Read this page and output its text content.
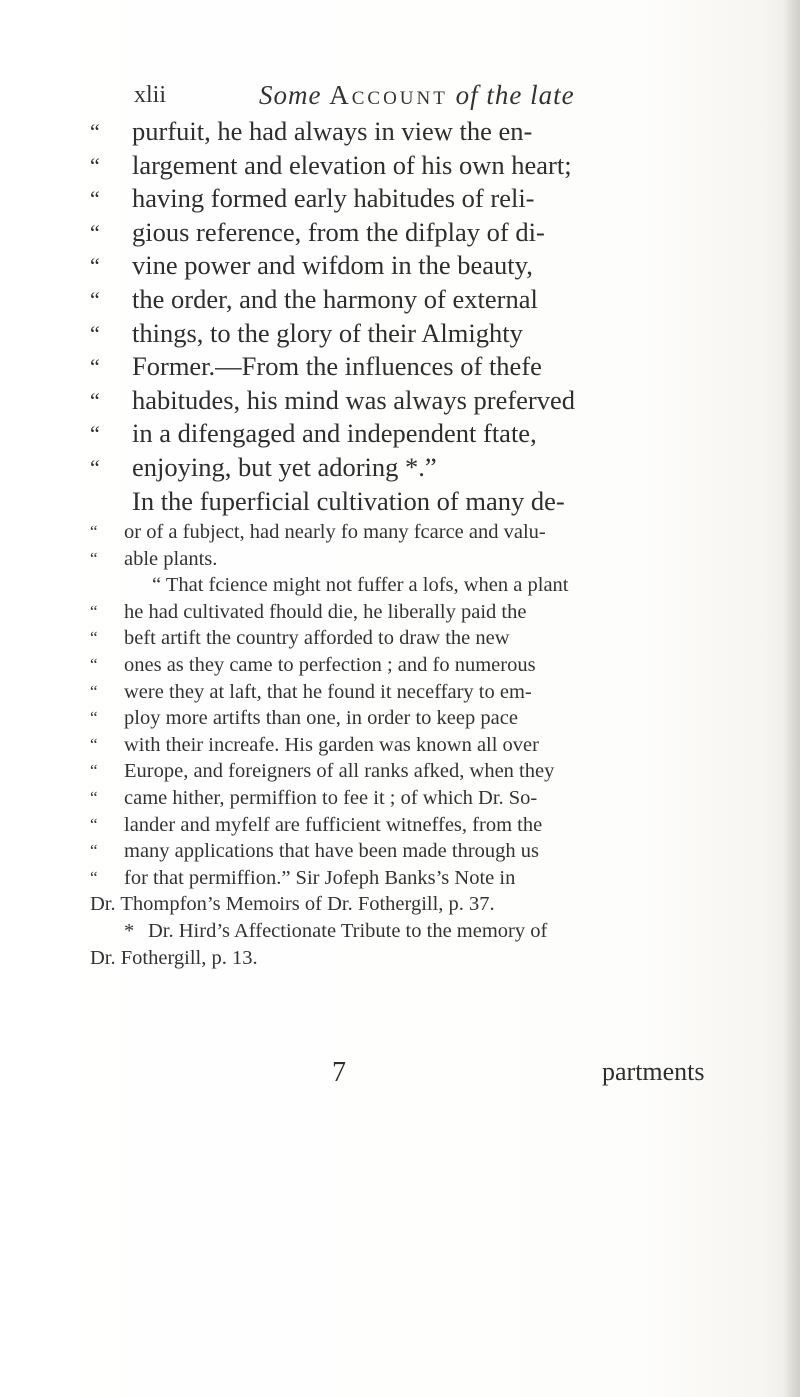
xlii	Some Account of the late
“	purfuit, he had always in view the en-
“	largement and elevation of his own heart;
“	having formed early habitudes of reli-
“	gious reference, from the difplay of di-
“	vine power and wifdom in the beauty,
“	the order, and the harmony of external
“	things, to the glory of their Almighty
“	Former.—From the influences of thefe
“	habitudes, his mind was always preferved
“	in a difengaged and independent ftate,
“	enjoying, but yet adoring *.”
In the fuperficial cultivation of many de-
“	or of a fubject, had nearly fo many fcarce and valu-
“	able plants.
“ That fcience might not fuffer a lofs, when a plant
“	he had cultivated fhould die, he liberally paid the
“	beft artift the country afforded to draw the new
“	ones as they came to perfection ; and fo numerous
“	were they at laft, that he found it neceffary to em-
“	ploy more artifts than one, in order to keep pace
“	with their increafe. His garden was known all over
“	Europe, and foreigners of all ranks afked, when they
“	came hither, permiffion to fee it ; of which Dr. So-
“	lander and myfelf are fufficient witneffes, from the
“	many applications that have been made through us
“	for that permiffion.” Sir Jofeph Banks’s Note in
Dr. Thompfon’s Memoirs of Dr. Fothergill, p. 37.
* Dr. Hird’s Affectionate Tribute to the memory of
Dr. Fothergill, p. 13.
7	partments
